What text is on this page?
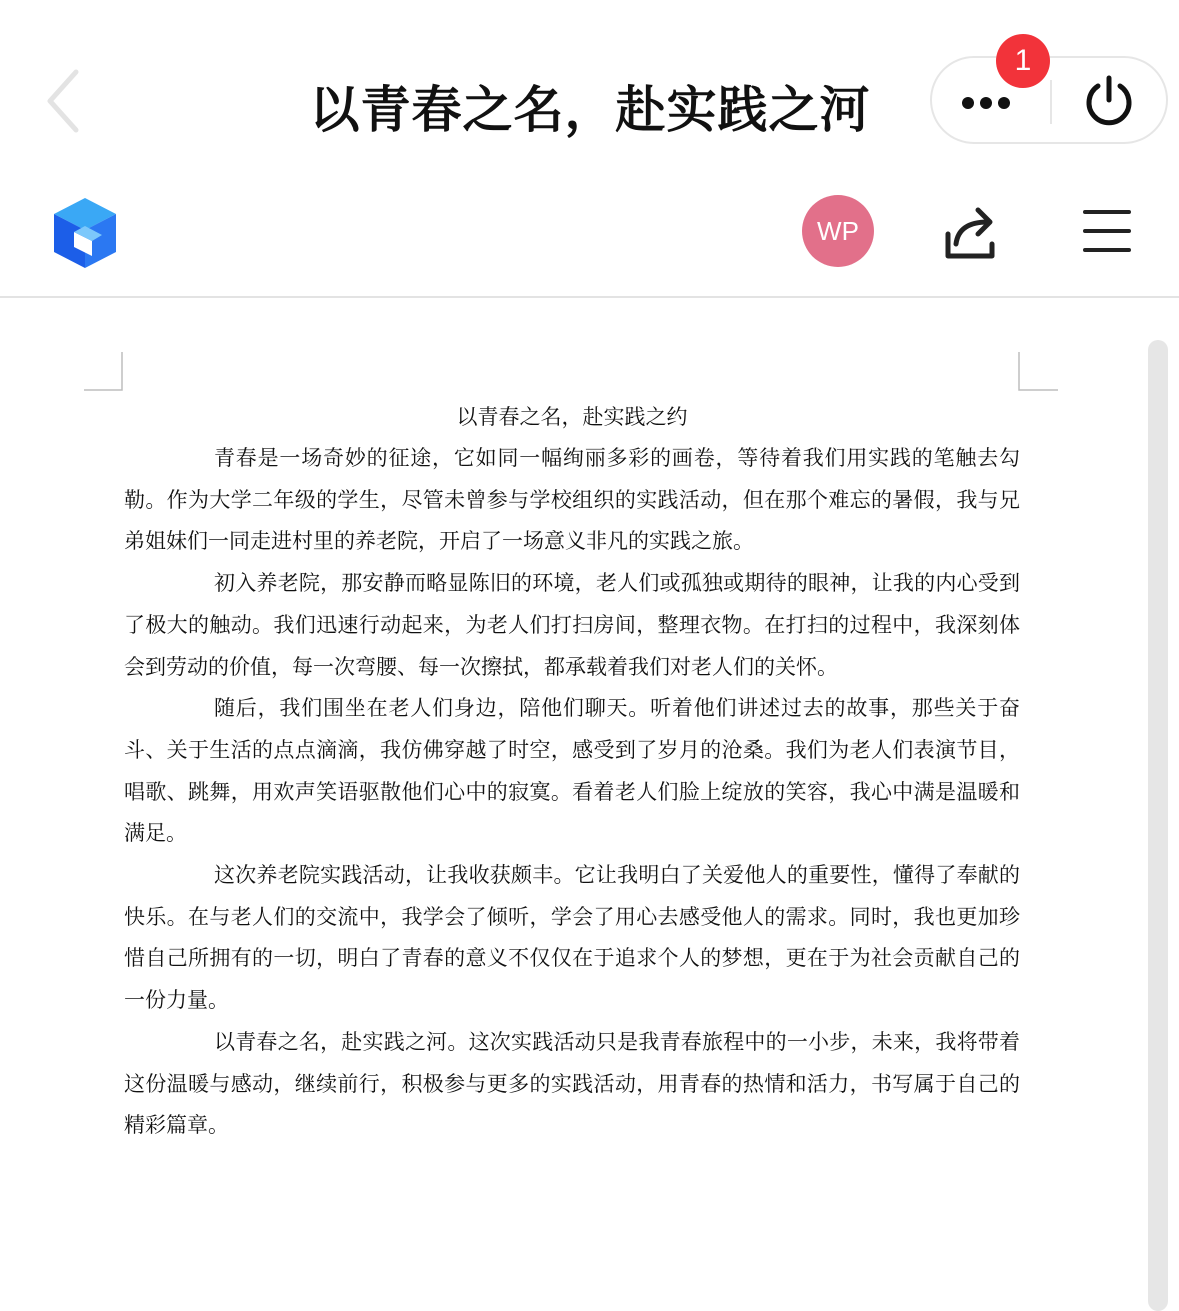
以青春之名，赴实践之河
1
WP
以青春之名，赴实践之约

青春是一场奇妙的征途，它如同一幅绚丽多彩的画卷，等待着我们用实践的笔触去勾勒。作为大学二年级的学生，尽管未曾参与学校组织的实践活动，但在那个难忘的暑假，我与兄弟姐妹们一同走进村里的养老院，开启了一场意义非凡的实践之旅。

初入养老院，那安静而略显陈旧的环境，老人们或孤独或期待的眼神，让我的内心受到了极大的触动。我们迅速行动起来，为老人们打扫房间，整理衣物。在打扫的过程中，我深刻体会到劳动的价值，每一次弯腰、每一次擦拭，都承载着我们对老人们的关怀。

随后，我们围坐在老人们身边，陪他们聊天。听着他们讲述过去的故事，那些关于奋斗、关于生活的点点滴滴，我仿佛穿越了时空，感受到了岁月的沧桑。我们为老人们表演节目，唱歌、跳舞，用欢声笑语驱散他们心中的寂寞。看着老人们脸上绽放的笑容，我心中满是温暖和满足。

这次养老院实践活动，让我收获颇丰。它让我明白了关爱他人的重要性，懂得了奉献的快乐。在与老人们的交流中，我学会了倾听，学会了用心去感受他人的需求。同时，我也更加珍惜自己所拥有的一切，明白了青春的意义不仅仅在于追求个人的梦想，更在于为社会贡献自己的一份力量。

以青春之名，赴实践之河。这次实践活动只是我青春旅程中的一小步，未来，我将带着这份温暖与感动，继续前行，积极参与更多的实践活动，用青春的热情和活力，书写属于自己的精彩篇章。
